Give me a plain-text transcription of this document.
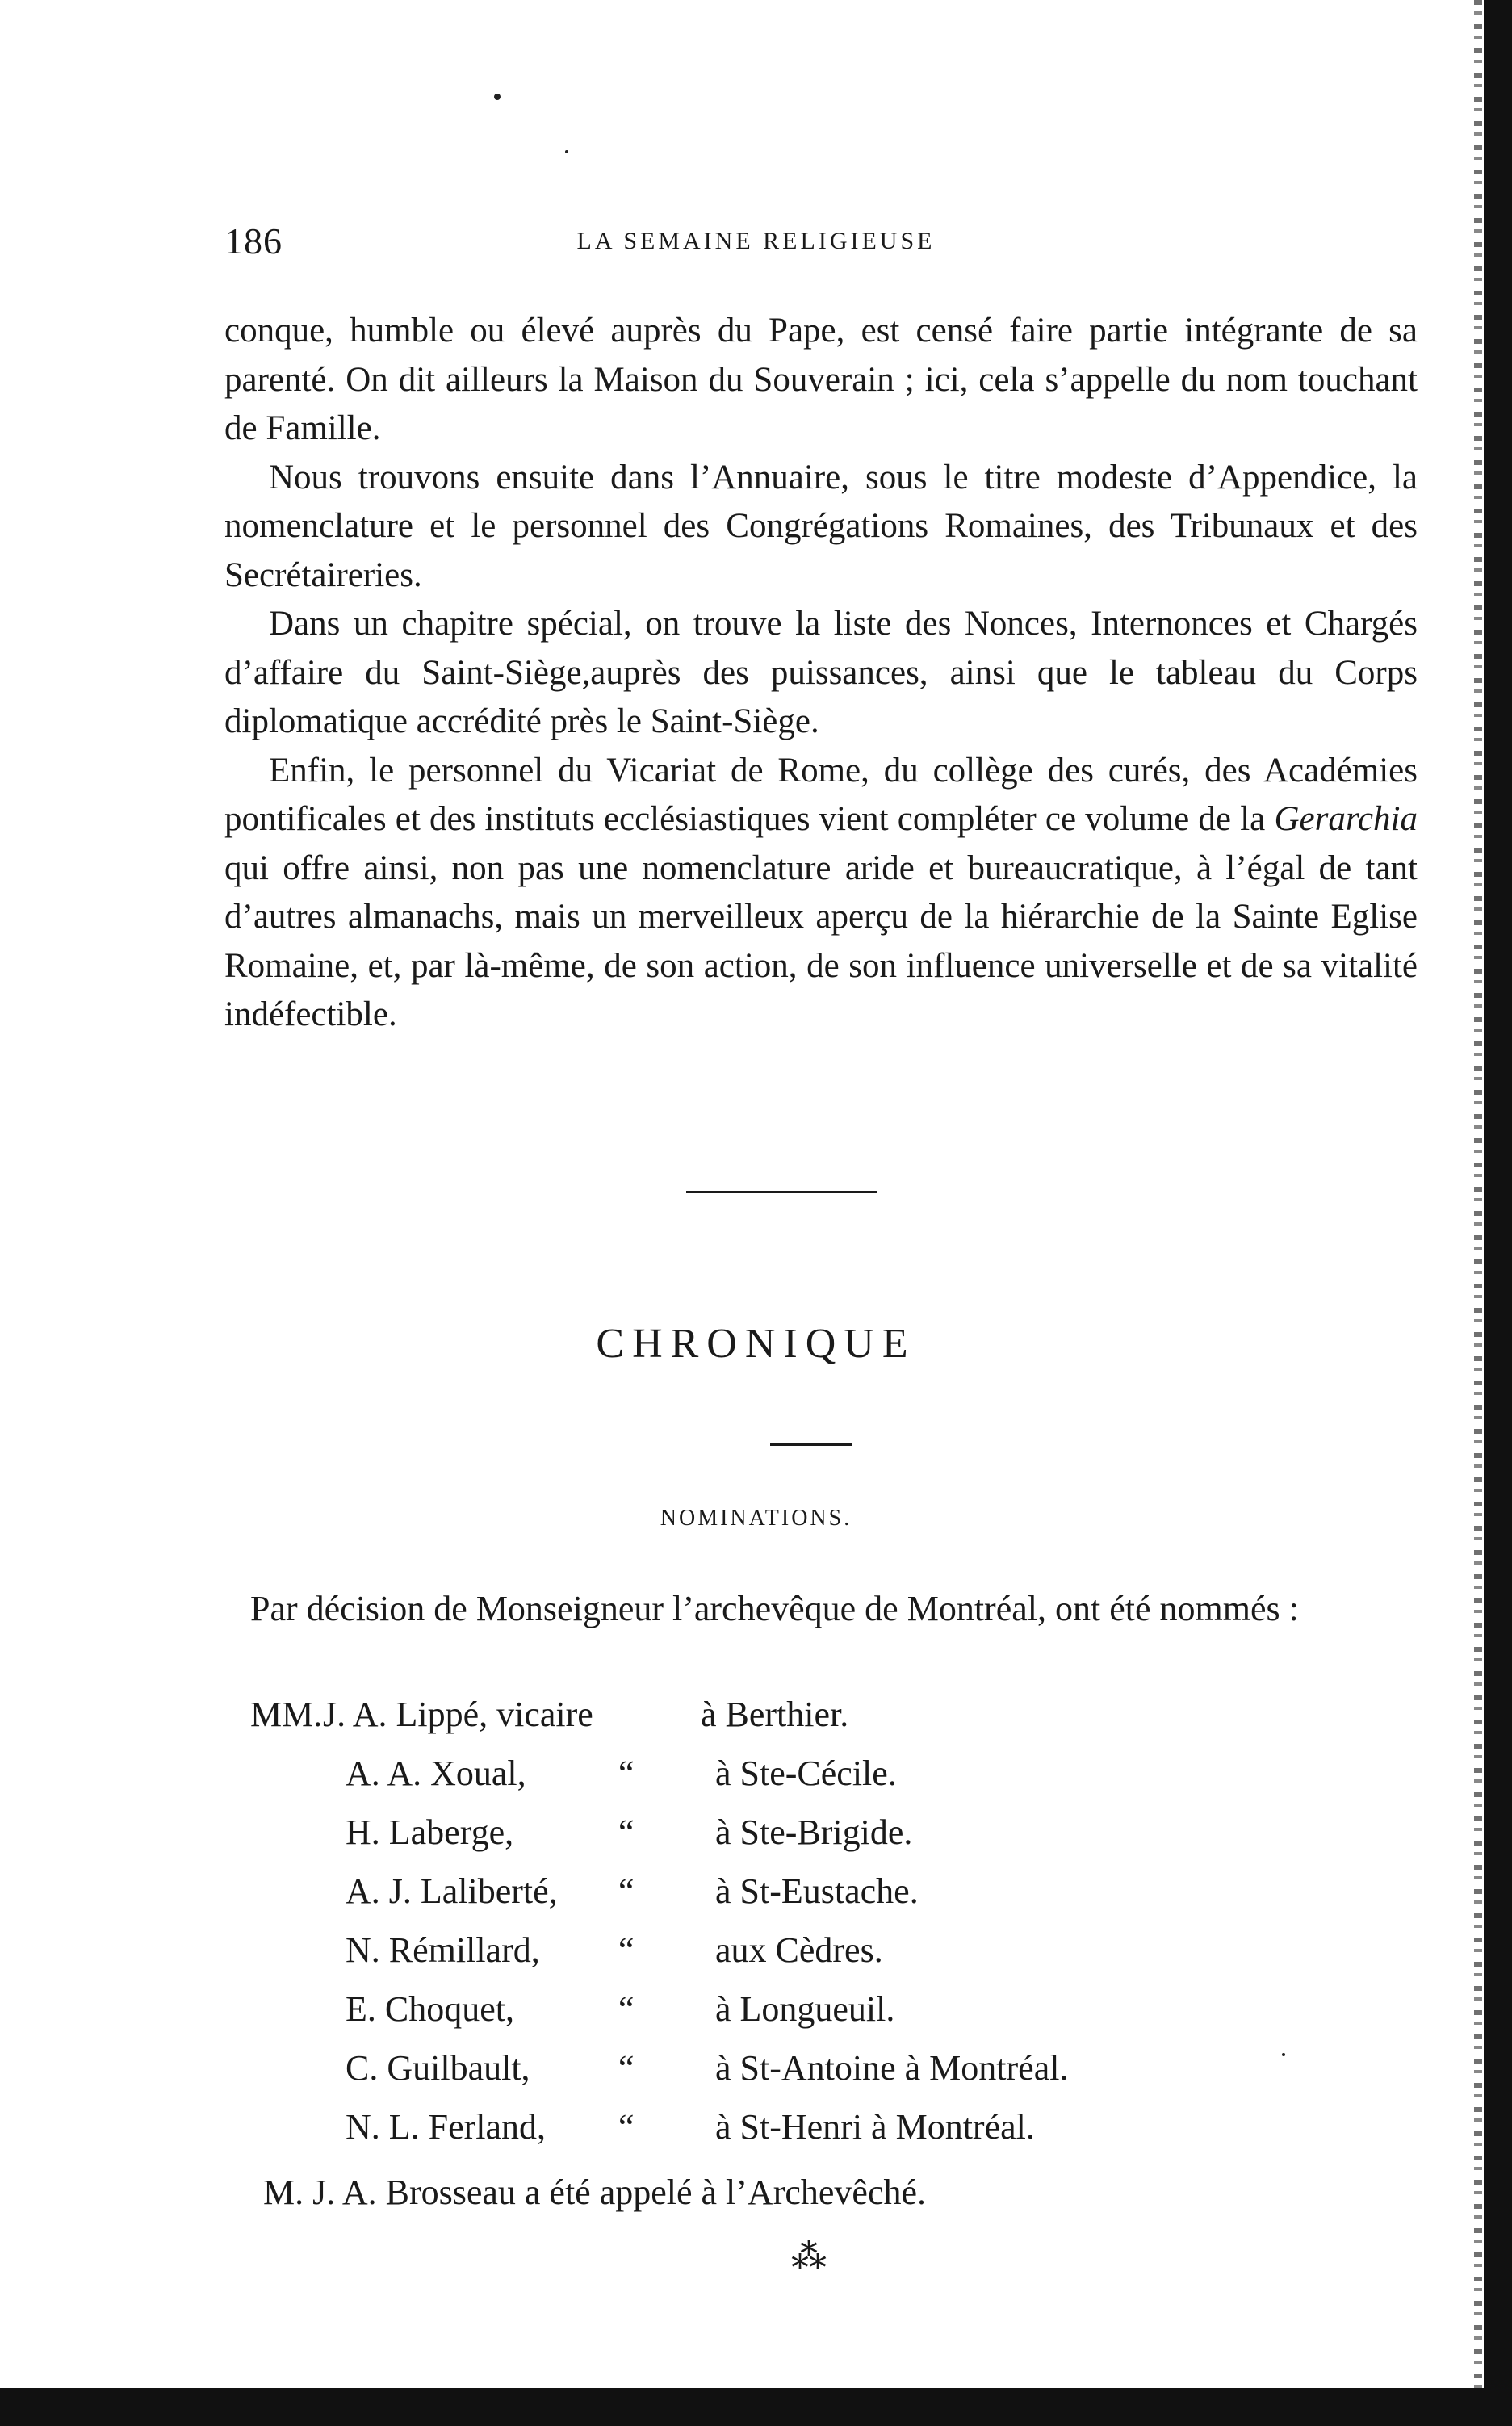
186	LA SEMAINE RELIGIEUSE

conque, humble ou élevé auprès du Pape, est censé faire partie intégrante de sa parenté. On dit ailleurs la Maison du Souverain ; ici, cela s’appelle du nom touchant de Famille.

Nous trouvons ensuite dans l’Annuaire, sous le titre modeste d’Appendice, la nomenclature et le personnel des Congrégations Romaines, des Tribunaux et des Secrétaireries.

Dans un chapitre spécial, on trouve la liste des Nonces, Internonces et Chargés d’affaire du Saint-Siège,auprès des puissances, ainsi que le tableau du Corps diplomatique accrédité près le Saint-Siège.

Enfin, le personnel du Vicariat de Rome, du collège des curés, des Académies pontificales et des instituts ecclésiastiques vient compléter ce volume de la Gerarchia qui offre ainsi, non pas une nomenclature aride et bureaucratique, à l’égal de tant d’autres almanachs, mais un merveilleux aperçu de la hiérarchie de la Sainte Eglise Romaine, et, par là-même, de son action, de son influence universelle et de sa vitalité indéfectible.

CHRONIQUE
NOMINATIONS.

Par décision de Monseigneur l’archevêque de Montréal, ont été nommés :

MM. J. A. Lippé, vicaire	à Berthier.
A. A. Xoual,	“ à Ste-Cécile.
H. Laberge,	“ à Ste-Brigide.
A. J. Laliberté, “ à St-Eustache.
N. Rémillard, “ aux Cèdres.
E. Choquet,	“ à Longueuil.
C. Guilbault, “ à St-Antoine à Montréal.
N. L. Ferland, “ à St-Henri à Montréal.
M. J. A. Brosseau a été appelé à l’Archevêché.
⁂
